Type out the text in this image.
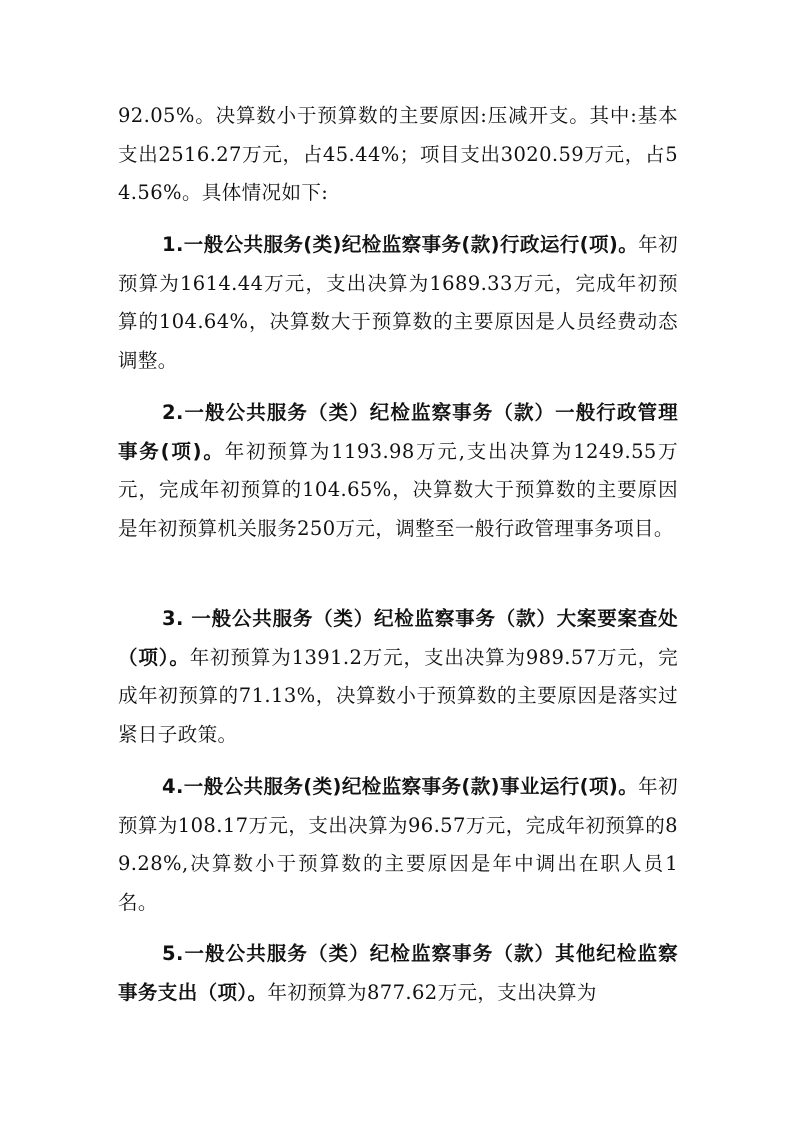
92.05%。决算数小于预算数的主要原因:压减开支。其中:基本支出2516.27万元，占45.44%；项目支出3020.59万元，占54.56%。具体情况如下:

1.一般公共服务(类)纪检监察事务(款)行政运行(项)。年初预算为1614.44万元，支出决算为1689.33万元，完成年初预算的104.64%，决算数大于预算数的主要原因是人员经费动态调整。

2.一般公共服务（类）纪检监察事务（款）一般行政管理事务(项)。年初预算为1193.98万元,支出决算为1249.55万元，完成年初预算的104.65%，决算数大于预算数的主要原因是年初预算机关服务250万元，调整至一般行政管理事务项目。

3. 一般公共服务（类）纪检监察事务（款）大案要案查处（项）。年初预算为1391.2万元，支出决算为989.57万元，完成年初预算的71.13%，决算数小于预算数的主要原因是落实过紧日子政策。

4.一般公共服务(类)纪检监察事务(款)事业运行(项)。年初预算为108.17万元，支出决算为96.57万元，完成年初预算的89.28%,决算数小于预算数的主要原因是年中调出在职人员1名。

5.一般公共服务（类）纪检监察事务（款）其他纪检监察事务支出（项）。年初预算为877.62万元，支出决算为
